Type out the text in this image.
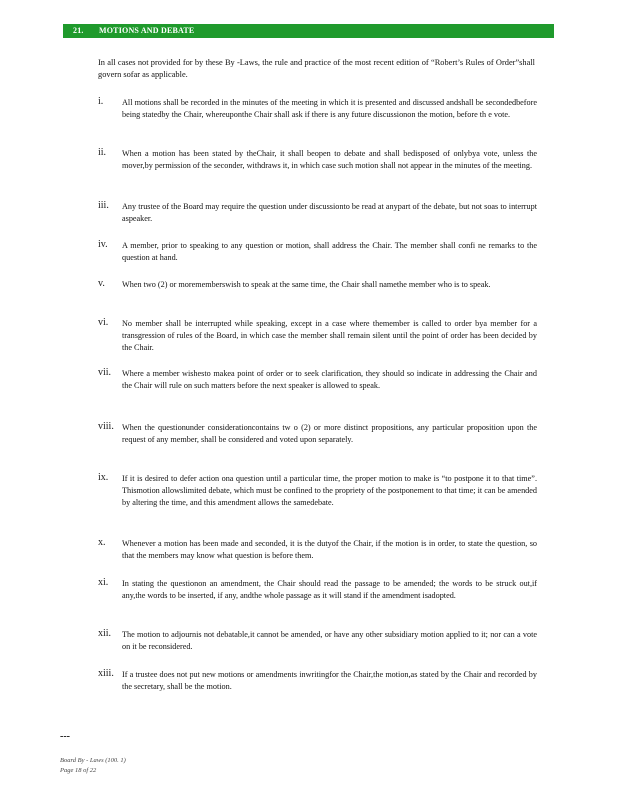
21. MOTIONS AND DEBATE
In all cases not provided for by these By -Laws, the rule and practice of the most recent edition of “Robert’s Rules of Order”shall govern sofar as applicable.
i. All motions shall be recorded in the minutes of the meeting in which it is presented and discussed andshall be secondedbefore being statedby the Chair, whereuponthe Chair shall ask if there is any future discussionon the motion, before th e vote.
ii. When a motion has been stated by theChair, it shall beopen to debate and shall bedisposed of onlybya vote, unless the mover,by permission of the seconder, withdraws it, in which case such motion shall not appear in the minutes of the meeting.
iii. Any trustee of the Board may require the question under discussionto be read at anypart of the debate, but not soas to interrupt aspeaker.
iv. A member, prior to speaking to any question or motion, shall address the Chair. The member shall confi ne remarks to the question at hand.
v. When two (2) or morememberswish to speak at the same time, the Chair shall namethe member who is to speak.
vi. No member shall be interrupted while speaking, except in a case where themember is called to order bya member for a transgression of rules of the Board, in which case the member shall remain silent until the point of order has been decided by the Chair.
vii. Where a member wishesto makea point of order or to seek clarification, they should so indicate in addressing the Chair and the Chair will rule on such matters before the next speaker is allowed to speak.
viii. When the questionunder considerationcontains tw o (2) or more distinct propositions, any particular proposition upon the request of any member, shall be considered and voted upon separately.
ix. If it is desired to defer action ona question until a particular time, the proper motion to make is “to postpone it to that time”. Thismotion allowslimited debate, which must be confined to the propriety of the postponement to that time; it can be amended by altering the time, and this amendment allows the samedebate.
x. Whenever a motion has been made and seconded, it is the dutyof the Chair, if the motion is in order, to state the question, so that the members may know what question is before them.
xi. In stating the questionon an amendment, the Chair should read the passage to be amended; the words to be struck out,if any,the words to be inserted, if any, andthe whole passage as it will stand if the amendment isadopted.
xii. The motion to adjournis not debatable,it cannot be amended, or have any other subsidiary motion applied to it; nor can a vote on it be reconsidered.
xiii. If a trustee does not put new motions or amendments inwritingfor the Chair,the motion,as stated by the Chair and recorded by the secretary, shall be the motion.
---
Board By - Laws (100. 1)
Page 18 of 22
